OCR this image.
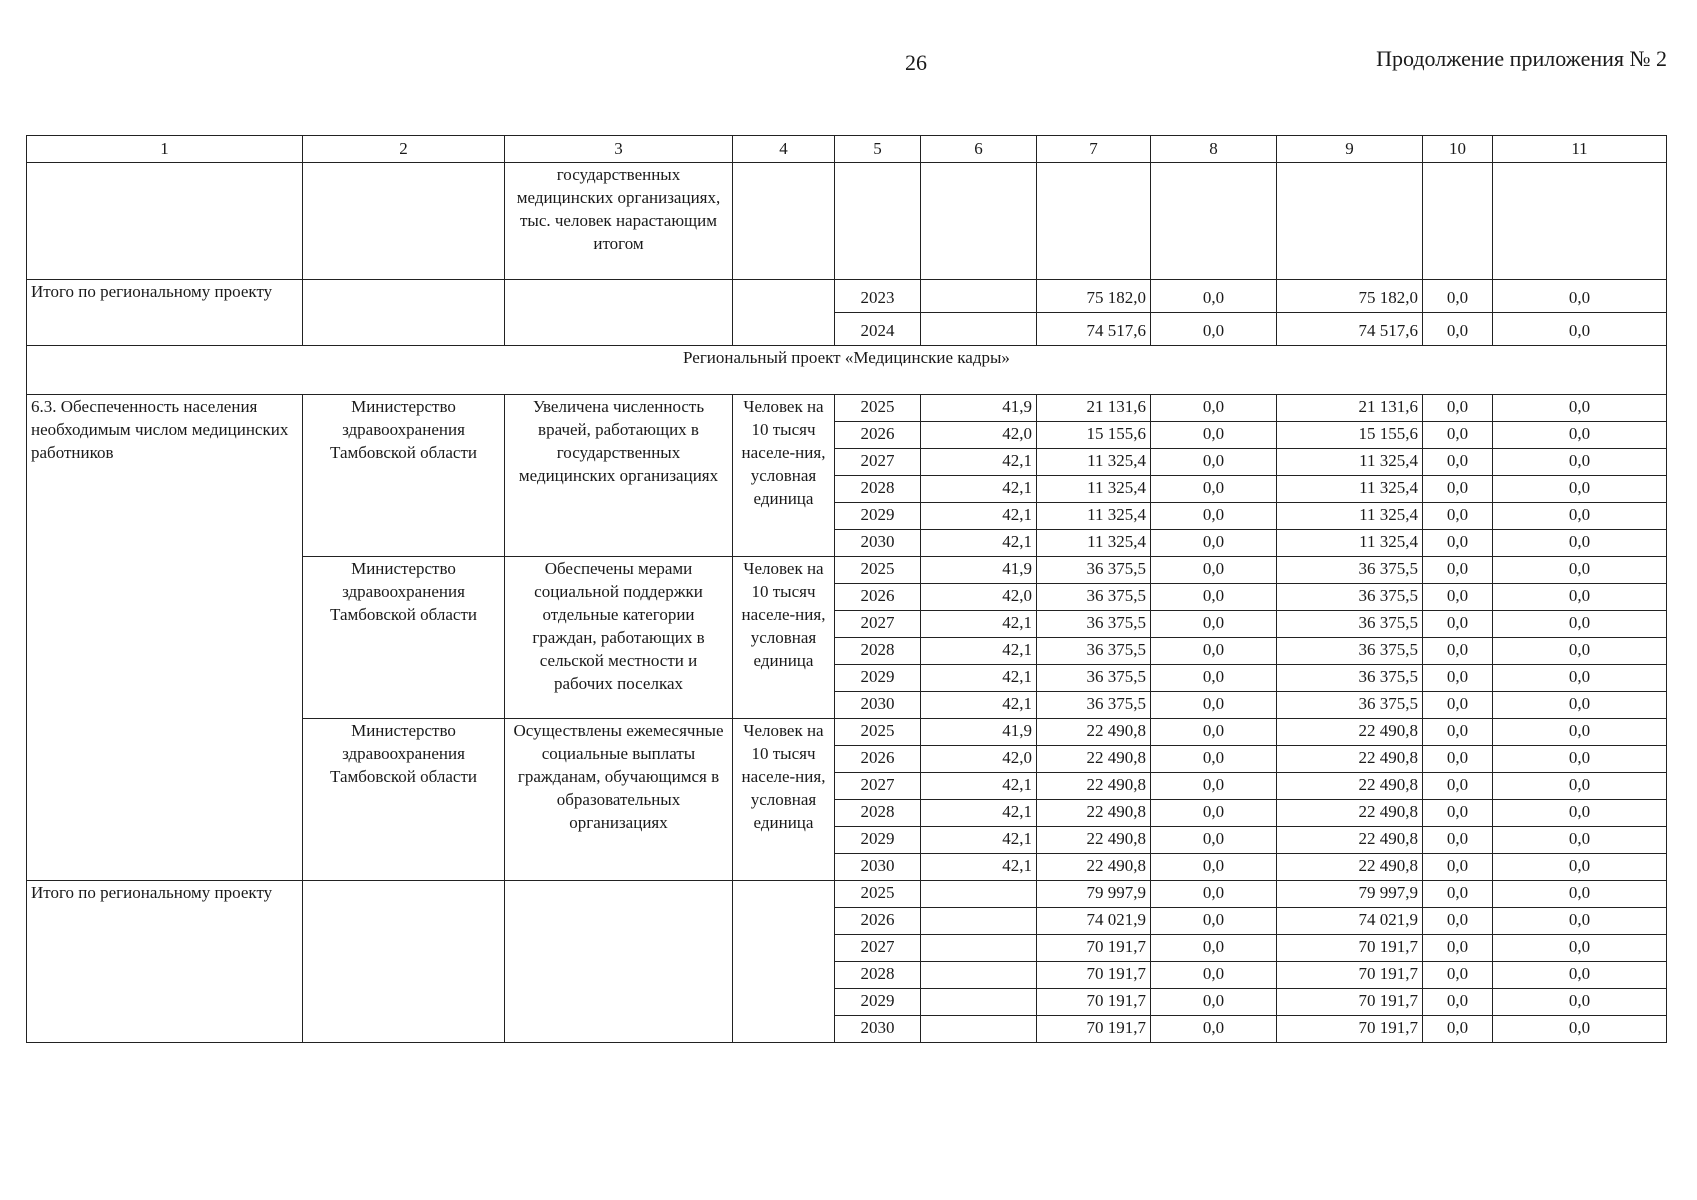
26	Продолжение приложения № 2
1	2	3	4	5	6	7	8	9	10	11
		государственных медицинских организациях, тыс. человек нарастающим итогом								
Итого по региональному проекту				2023		75 182,0	0,0	75 182,0	0,0	0,0
				2024		74 517,6	0,0	74 517,6	0,0	0,0
Региональный проект «Медицинские кадры»										
6.3. Обеспеченность населения необходимым числом медицинских работников	Министерство здравоохранения Тамбовской области	Увеличена численность врачей, работающих в государственных медицинских организациях	Человек на 10 тысяч населе-ния, условная единица	2025	41,9	21 131,6	0,0	21 131,6	0,0	0,0
				2026	42,0	15 155,6	0,0	15 155,6	0,0	0,0
				2027	42,1	11 325,4	0,0	11 325,4	0,0	0,0
				2028	42,1	11 325,4	0,0	11 325,4	0,0	0,0
				2029	42,1	11 325,4	0,0	11 325,4	0,0	0,0
				2030	42,1	11 325,4	0,0	11 325,4	0,0	0,0
	Министерство здравоохранения Тамбовской области	Обеспечены мерами социальной поддержки отдельные категории граждан, работающих в сельской местности и рабочих поселках	Человек на 10 тысяч населе-ния, условная единица	2025	41,9	36 375,5	0,0	36 375,5	0,0	0,0
				2026	42,0	36 375,5	0,0	36 375,5	0,0	0,0
				2027	42,1	36 375,5	0,0	36 375,5	0,0	0,0
				2028	42,1	36 375,5	0,0	36 375,5	0,0	0,0
				2029	42,1	36 375,5	0,0	36 375,5	0,0	0,0
				2030	42,1	36 375,5	0,0	36 375,5	0,0	0,0
	Министерство здравоохранения Тамбовской области	Осуществлены ежемесячные социальные выплаты гражданам, обучающимся в образовательных организациях	Человек на 10 тысяч населе-ния, условная единица	2025	41,9	22 490,8	0,0	22 490,8	0,0	0,0
				2026	42,0	22 490,8	0,0	22 490,8	0,0	0,0
				2027	42,1	22 490,8	0,0	22 490,8	0,0	0,0
				2028	42,1	22 490,8	0,0	22 490,8	0,0	0,0
				2029	42,1	22 490,8	0,0	22 490,8	0,0	0,0
				2030	42,1	22 490,8	0,0	22 490,8	0,0	0,0
Итого по региональному проекту				2025		79 997,9	0,0	79 997,9	0,0	0,0
				2026		74 021,9	0,0	74 021,9	0,0	0,0
				2027		70 191,7	0,0	70 191,7	0,0	0,0
				2028		70 191,7	0,0	70 191,7	0,0	0,0
				2029		70 191,7	0,0	70 191,7	0,0	0,0
				2030		70 191,7	0,0	70 191,7	0,0	0,0
